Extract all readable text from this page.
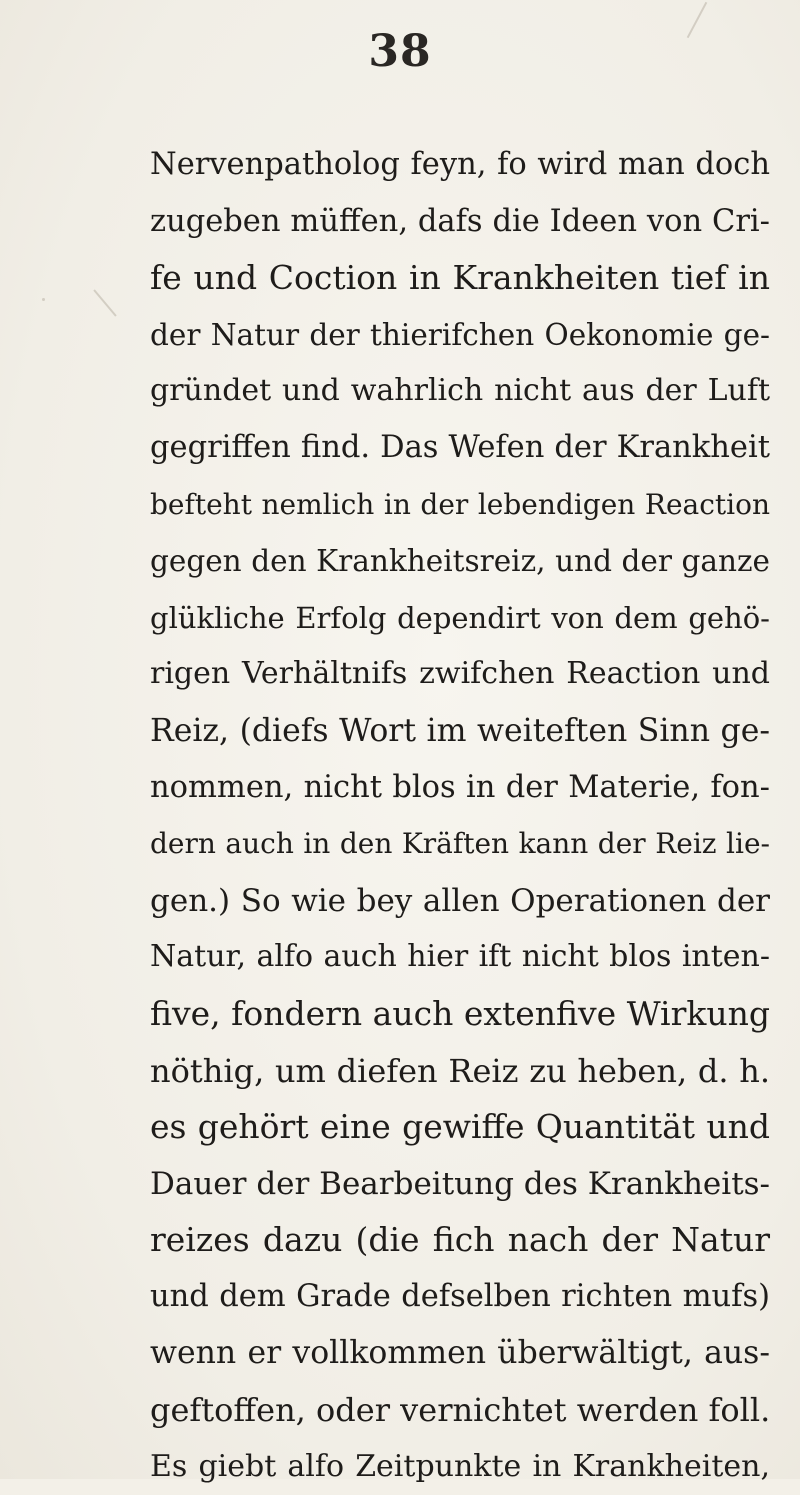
38
Nervenpatholog feyn, fo wird man doch
zugeben müffen, dafs die Ideen von Cri-
fe und Coction in Krankheiten tief in
der Natur der thierifchen Oekonomie ge-
gründet und wahrlich nicht aus der Luft
gegriffen find. Das Wefen der Krankheit
befteht nemlich in der lebendigen Reaction
gegen den Krankheitsreiz, und der ganze
glükliche Erfolg dependirt von dem gehö-
rigen Verhältnifs zwifchen Reaction und
Reiz, (diefs Wort im weiteften Sinn ge-
nommen, nicht blos in der Materie, fon-
dern auch in den Kräften kann der Reiz lie-
gen.) So wie bey allen Operationen der
Natur, alfo auch hier ift nicht blos inten-
five, fondern auch extenfive Wirkung
nöthig, um diefen Reiz zu heben, d. h.
es gehört eine gewiffe Quantität und
Dauer der Bearbeitung des Krankheits-
reizes dazu (die fich nach der Natur
und dem Grade defselben richten mufs)
wenn er vollkommen überwältigt, aus-
geftoffen, oder vernichtet werden foll.
Es giebt alfo Zeitpunkte in Krankheiten,
